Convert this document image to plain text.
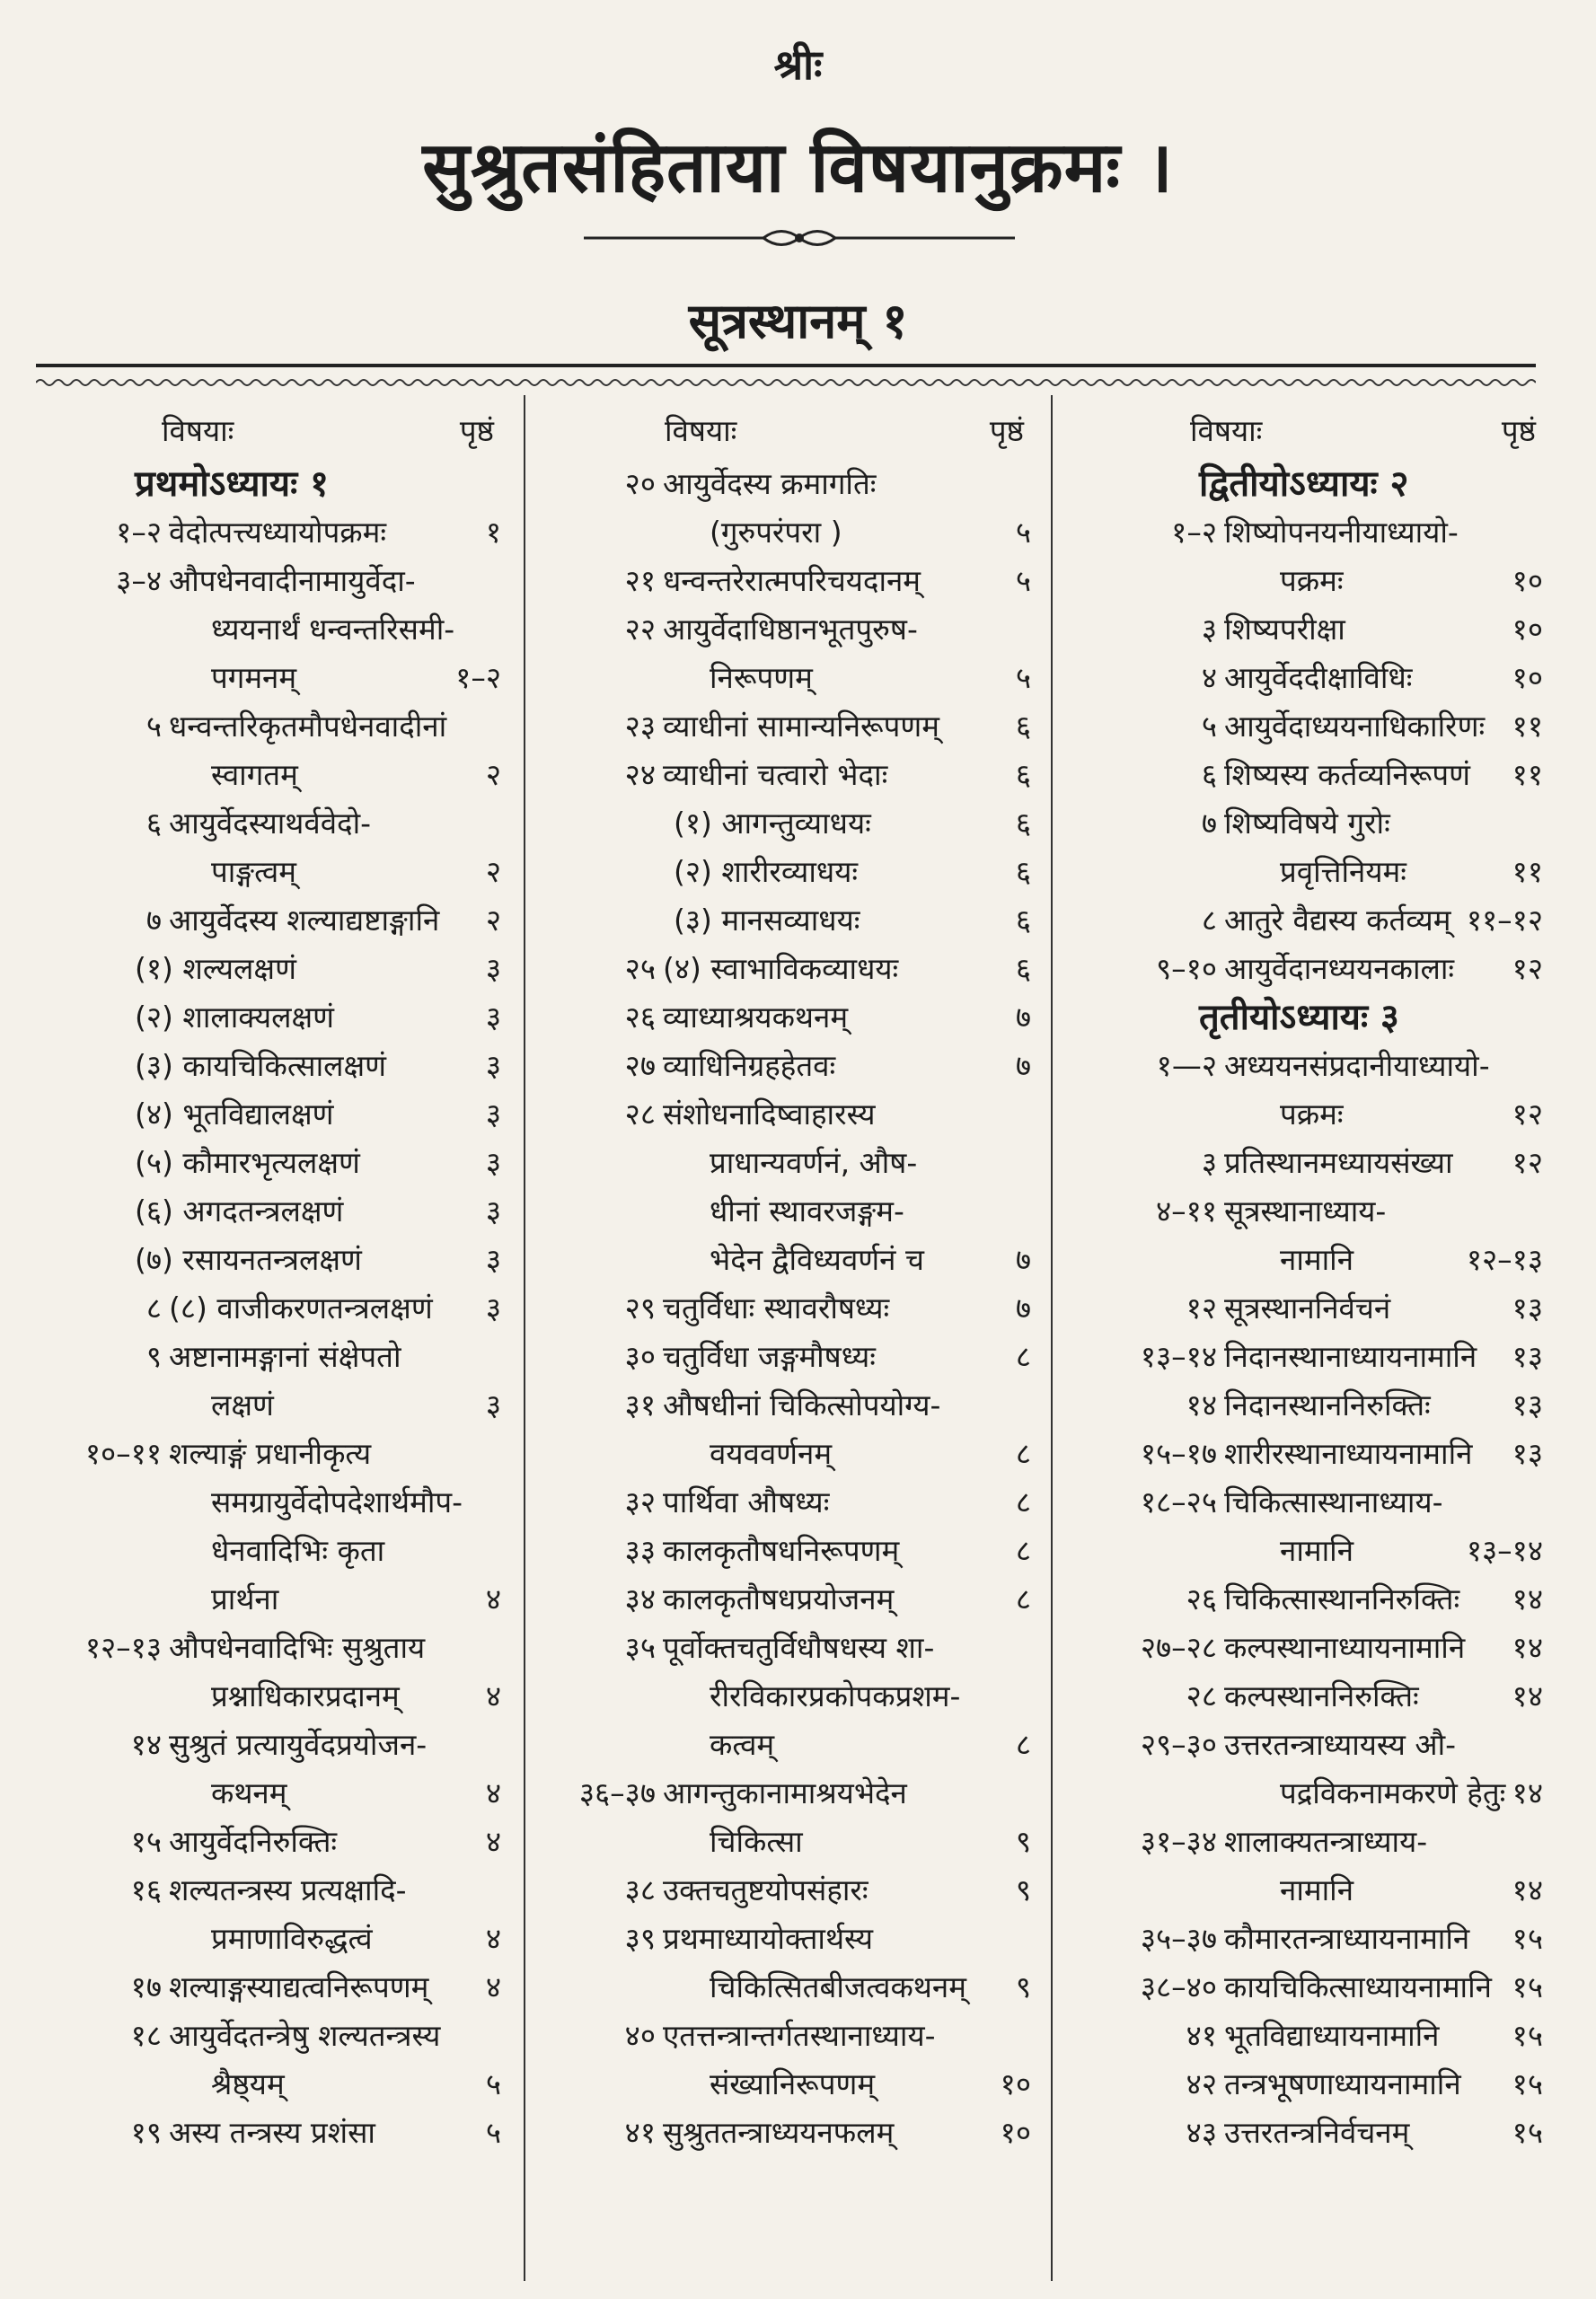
श्रीः
सुश्रुतसंहिताया विषयानुक्रमः ।
सूत्रस्थानम् १
विषयाः	पृष्ठं
प्रथमोऽध्यायः १
१–२ वेदोत्पत्त्यध्यायोपक्रमः	१
३–४ औपधेनवादीनामायुर्वेदा-
ध्ययनार्थं धन्वन्तरिसमी-
पगमनम्	१–२
५ धन्वन्तरिकृतमौपधेनवादीनां
स्वागतम्	२
६ आयुर्वेदस्याथर्ववेदो-
पाङ्गत्वम्	२
७ आयुर्वेदस्य शल्याद्यष्टाङ्गानि २
(१) शल्यलक्षणं	३
(२) शालाक्यलक्षणं	३
(३) कायचिकित्सालक्षणं	३
(४) भूतविद्यालक्षणं	३
(५) कौमारभृत्यलक्षणं	३
(६) अगदतन्त्रलक्षणं	३
(७) रसायनतन्त्रलक्षणं	३
८ (८) वाजीकरणतन्त्रलक्षणं ३
९ अष्टानामङ्गानां संक्षेपतो
लक्षणं	३
१०–११ शल्याङ्गं प्रधानीकृत्य
समग्रायुर्वेदोपदेशार्थमौप-
धेनवादिभिः कृता
प्रार्थना	४
१२–१३ औपधेनवादिभिः सुश्रुताय
प्रश्नाधिकारप्रदानम्	४
१४ सुश्रुतं प्रत्यायुर्वेदप्रयोजन-
कथनम्	४
१५ आयुर्वेदनिरुक्तिः	४
१६ शल्यतन्त्रस्य प्रत्यक्षादि-
प्रमाणाविरुद्धत्वं	४
१७ शल्याङ्गस्याद्यत्वनिरूपणम् ४
१८ आयुर्वेदतन्त्रेषु शल्यतन्त्रस्य
श्रैष्ठ्यम्	५
१९ अस्य तन्त्रस्य प्रशंसा	५
विषयाः	पृष्ठं
२० आयुर्वेदस्य क्रमागतिः
(गुरुपरंपरा )	५
२१ धन्वन्तरेरात्मपरिचयदानम्	५
२२ आयुर्वेदाधिष्ठानभूतपुरुष-
निरूपणम्	५
२३ व्याधीनां सामान्यनिरूपणम्	६
२४ व्याधीनां चत्वारो भेदाः	६
(१) आगन्तुव्याधयः	६
(२) शारीरव्याधयः	६
(३) मानसव्याधयः	६
२५ (४) स्वाभाविकव्याधयः	६
२६ व्याध्याश्रयकथनम्	७
२७ व्याधिनिग्रहहेतवः	७
२८ संशोधनादिष्वाहारस्य
प्राधान्यवर्णनं, औष-
धीनां स्थावरजङ्गम-
भेदेन द्वैविध्यवर्णनं च	७
२९ चतुर्विधाः स्थावरौषध्यः	७
३० चतुर्विधा जङ्गमौषध्यः	८
३१ औषधीनां चिकित्सोपयोग्य-
वयववर्णनम्	८
३२ पार्थिवा औषध्यः	८
३३ कालकृतौषधनिरूपणम्	८
३४ कालकृतौषधप्रयोजनम्	८
३५ पूर्वोक्तचतुर्विधौषधस्य शा-
रीरविकारप्रकोपकप्रशम-
कत्वम्	८
३६–३७ आगन्तुकानामाश्रयभेदेन
चिकित्सा	९
३८ उक्तचतुष्टयोपसंहारः	९
३९ प्रथमाध्यायोक्तार्थस्य
चिकित्सितबीजत्वकथनम् ९
४० एतत्तन्त्रान्तर्गतस्थानाध्याय-
संख्यानिरूपणम्	१०
४१ सुश्रुततन्त्राध्ययनफलम्	१०
विषयाः	पृष्ठं
द्वितीयोऽध्यायः २
१–२ शिष्योपनयनीयाध्यायो-
पक्रमः	१०
३ शिष्यपरीक्षा	१०
४ आयुर्वेददीक्षाविधिः	१०
५ आयुर्वेदाध्ययनाधिकारिणः ११
६ शिष्यस्य कर्तव्यनिरूपणं ११
७ शिष्यविषये गुरोः
प्रवृत्तिनियमः	११
८ आतुरे वैद्यस्य कर्तव्यम् ११–१२
९–१० आयुर्वेदानध्ययनकालाः १२
तृतीयोऽध्यायः ३
१—२ अध्ययनसंप्रदानीयाध्यायो-
पक्रमः	१२
३ प्रतिस्थानमध्यायसंख्या १२
४–११ सूत्रस्थानाध्याय-
नामानि	१२–१३
१२ सूत्रस्थाननिर्वचनं	१३
१३–१४ निदानस्थानाध्यायनामानि १३
१४ निदानस्थाननिरुक्तिः	१३
१५–१७ शारीरस्थानाध्यायनामानि १३
१८–२५ चिकित्सास्थानाध्याय-
नामानि	१३–१४
२६ चिकित्सास्थाननिरुक्तिः १४
२७–२८ कल्पस्थानाध्यायनामानि १४
२८ कल्पस्थाननिरुक्तिः	१४
२९–३० उत्तरतन्त्राध्यायस्य औ-
पद्रविकनामकरणे हेतुः १४
३१–३४ शालाक्यतन्त्राध्याय-
नामानि	१४
३५–३७ कौमारतन्त्राध्यायनामानि १५
३८–४० कायचिकित्साध्यायनामानि १५
४१ भूतविद्याध्यायनामानि १५
४२ तन्त्रभूषणाध्यायनामानि १५
४३ उत्तरतन्त्रनिर्वचनम्	१५
